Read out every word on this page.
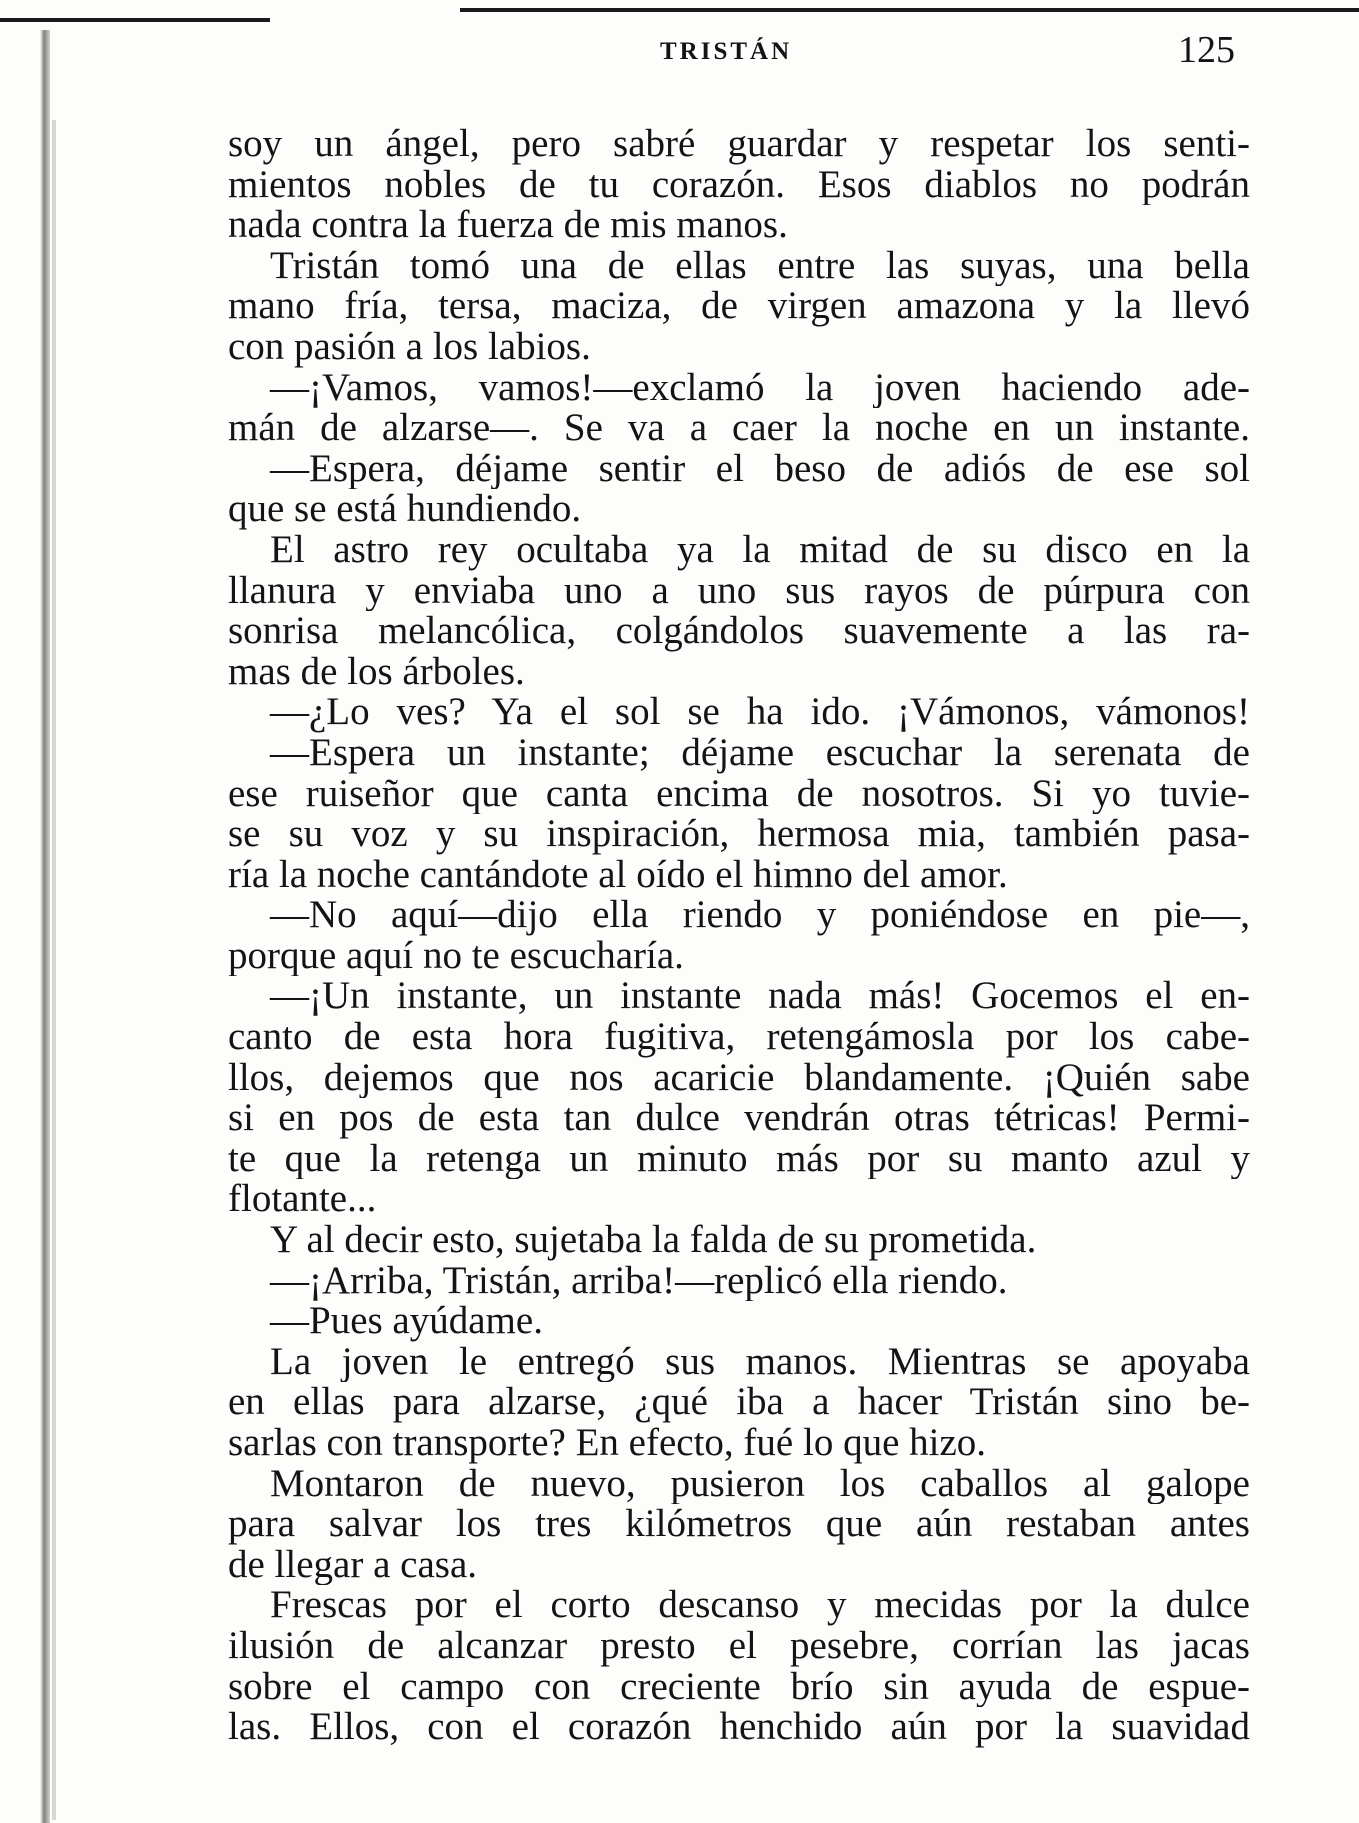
TRISTÁN	125
soy un ángel, pero sabré guardar y respetar los senti-
mientos nobles de tu corazón. Esos diablos no podrán
nada contra la fuerza de mis manos.
Tristán tomó una de ellas entre las suyas, una bella
mano fría, tersa, maciza, de virgen amazona y la llevó
con pasión a los labios.
—¡Vamos, vamos!—exclamó la joven haciendo ade-
mán de alzarse—. Se va a caer la noche en un instante.
—Espera, déjame sentir el beso de adiós de ese sol
que se está hundiendo.
El astro rey ocultaba ya la mitad de su disco en la
llanura y enviaba uno a uno sus rayos de púrpura con
sonrisa melancólica, colgándolos suavemente a las ra-
mas de los árboles.
—¿Lo ves? Ya el sol se ha ido. ¡Vámonos, vámonos!
—Espera un instante; déjame escuchar la serenata de
ese ruiseñor que canta encima de nosotros. Si yo tuvie-
se su voz y su inspiración, hermosa mia, también pasa-
ría la noche cantándote al oído el himno del amor.
—No aquí—dijo ella riendo y poniéndose en pie—,
porque aquí no te escucharía.
—¡Un instante, un instante nada más! Gocemos el en-
canto de esta hora fugitiva, retengámosla por los cabe-
llos, dejemos que nos acaricie blandamente. ¡Quién sabe
si en pos de esta tan dulce vendrán otras tétricas! Permi-
te que la retenga un minuto más por su manto azul y
flotante...
Y al decir esto, sujetaba la falda de su prometida.
—¡Arriba, Tristán, arriba!—replicó ella riendo.
—Pues ayúdame.
La joven le entregó sus manos. Mientras se apoyaba
en ellas para alzarse, ¿qué iba a hacer Tristán sino be-
sarlas con transporte? En efecto, fué lo que hizo.
Montaron de nuevo, pusieron los caballos al galope
para salvar los tres kilómetros que aún restaban antes
de llegar a casa.
Frescas por el corto descanso y mecidas por la dulce
ilusión de alcanzar presto el pesebre, corrían las jacas
sobre el campo con creciente brío sin ayuda de espue-
las. Ellos, con el corazón henchido aún por la suavidad
